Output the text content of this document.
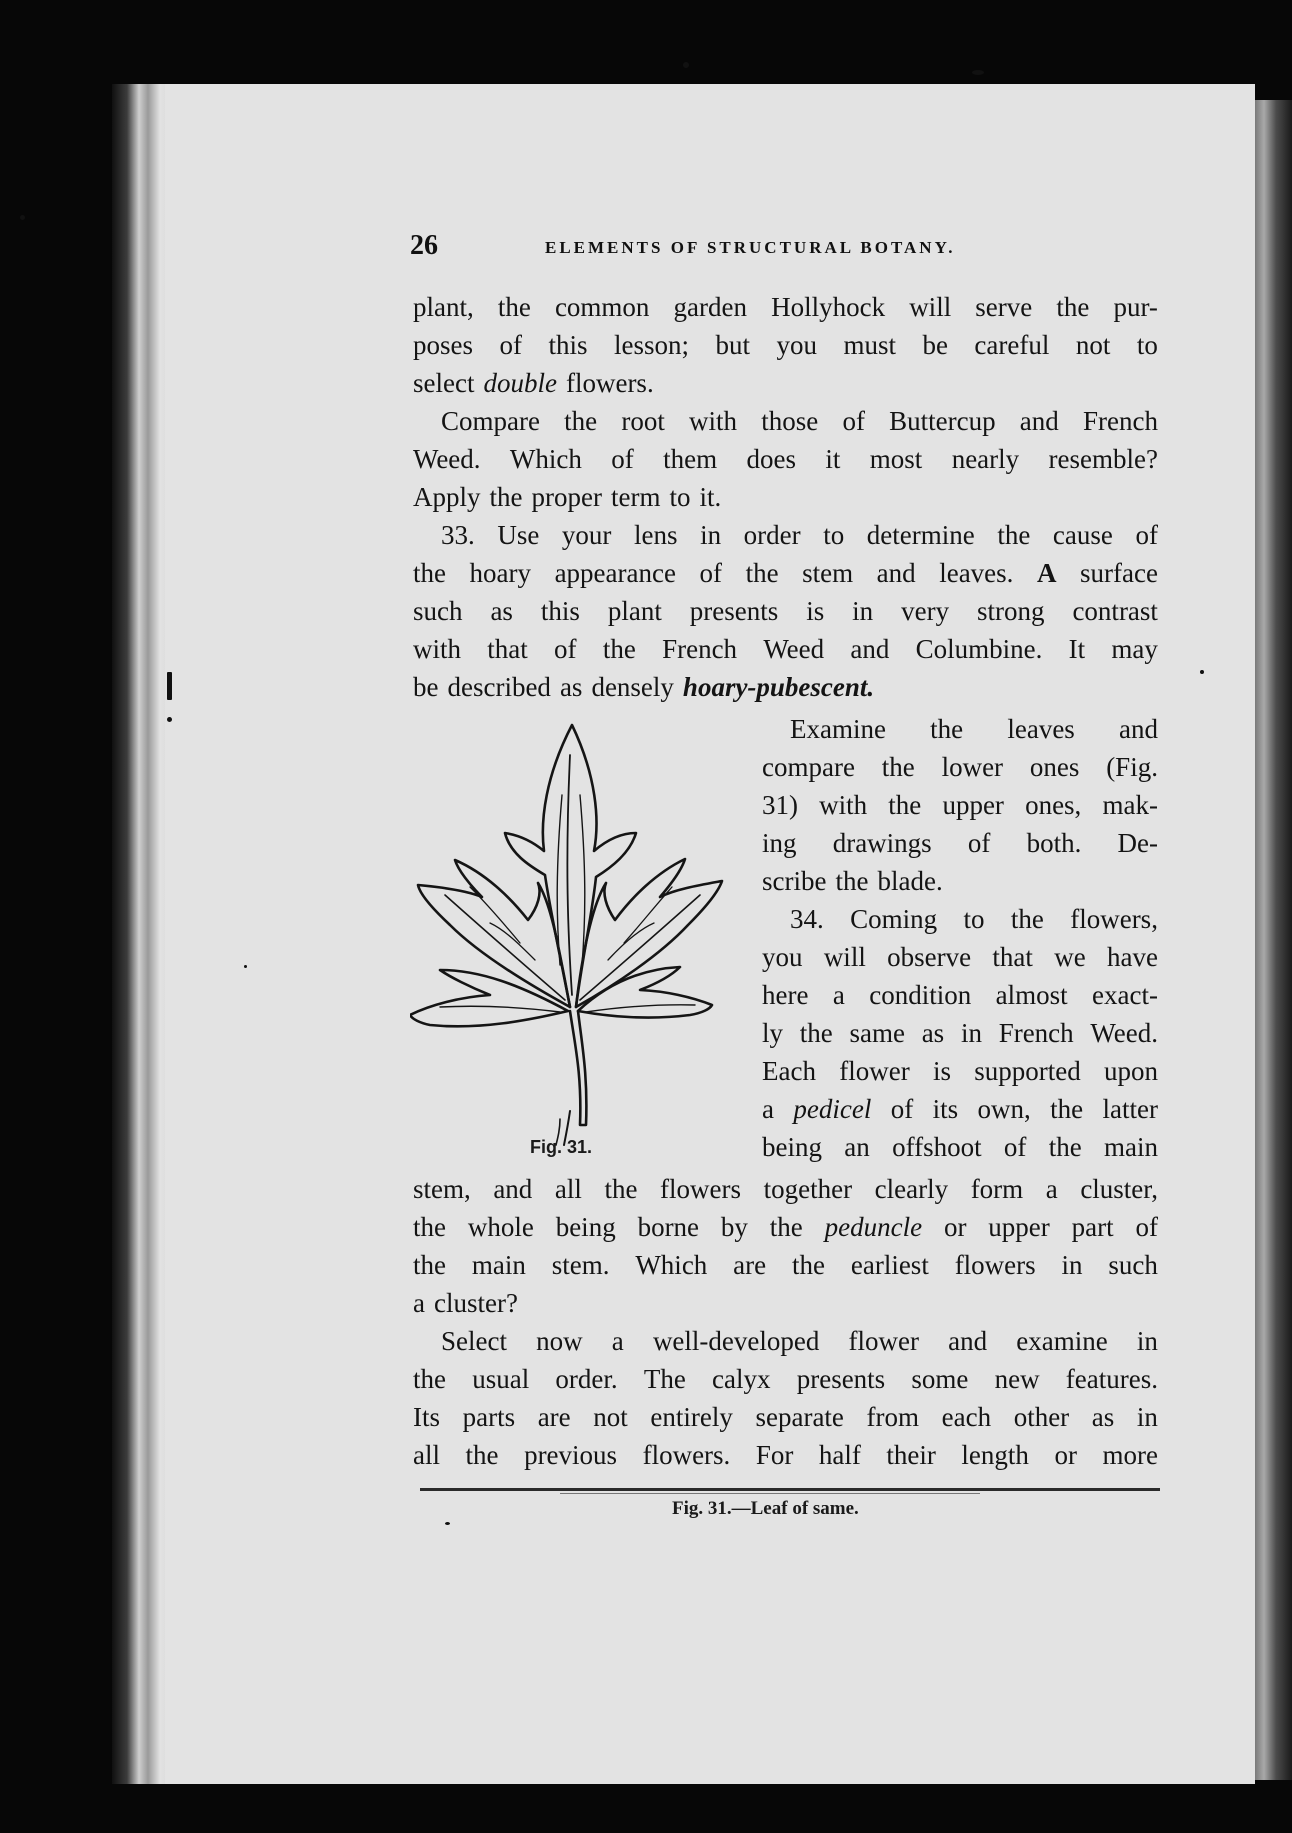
26	ELEMENTS OF STRUCTURAL BOTANY.
plant, the common garden Hollyhock will serve the pur-
poses of this lesson; but you must be careful not to
select double flowers.
Compare the root with those of Buttercup and French
Weed. Which of them does it most nearly resemble?
Apply the proper term to it.
33. Use your lens in order to determine the cause of
the hoary appearance of the stem and leaves. A surface
such as this plant presents is in very strong contrast
with that of the French Weed and Columbine. It may
be described as densely hoary-pubescent.
Examine the leaves and
compare the lower ones (Fig.
31) with the upper ones, mak-
ing drawings of both. De-
scribe the blade.
34. Coming to the flowers,
you will observe that we have
here a condition almost exact-
ly the same as in French Weed.
Each flower is supported upon
a pedicel of its own, the latter
being an offshoot of the main
stem, and all the flowers together clearly form a cluster,
the whole being borne by the peduncle or upper part of
the main stem. Which are the earliest flowers in such
a cluster?
Select now a well-developed flower and examine in
the usual order. The calyx presents some new features.
Its parts are not entirely separate from each other as in
all the previous flowers. For half their length or more
Fig. 31.
Fig. 31.—Leaf of same.
